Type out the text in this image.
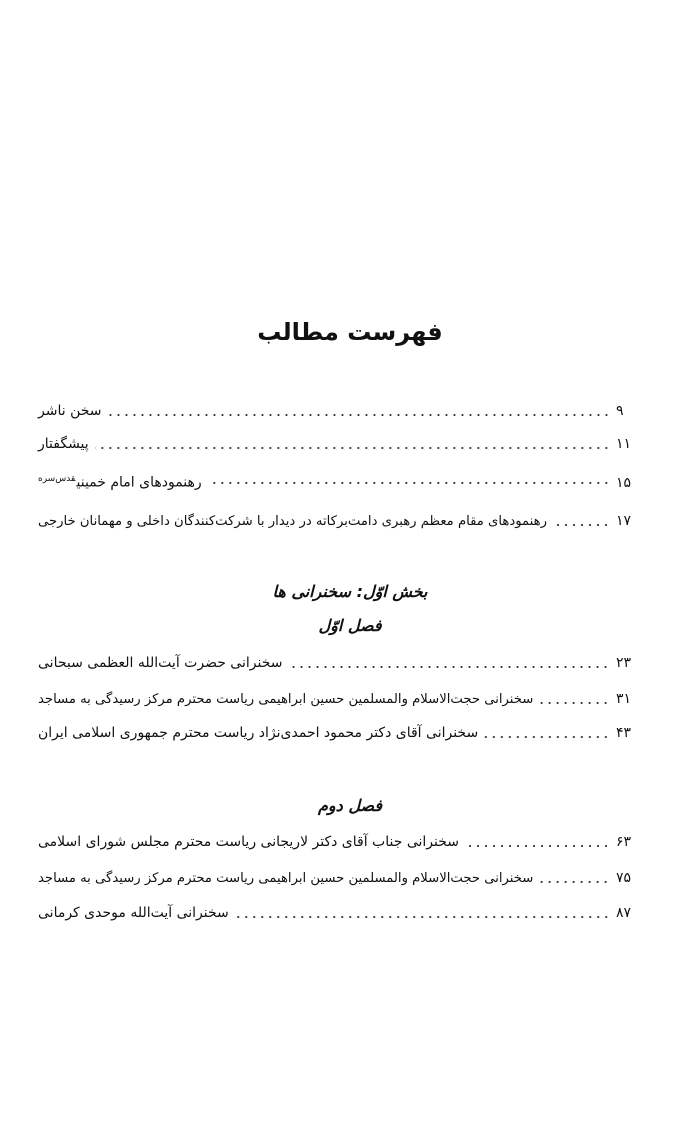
فهرست مطالب
سخن ناشر	۹
پیشگفتار	۱۱
رهنمودهای امام خمینی$^{قدس‌سره}$	۱۵
رهنمودهای مقام معظم رهبری دامت‌برکاته در دیدار با شرکت‌کنندگان داخلی و مهمانان خارجی	۱۷
بخش اوّل: سخنرانی ها
فصل اوّل
سخنرانی حضرت آیت‌الله العظمی سبحانی	۲۳
سخنرانی حجت‌الاسلام والمسلمین حسین ابراهیمی ریاست محترم مرکز رسیدگی به مساجد	۳۱
سخنرانی آقای دکتر محمود احمدی‌نژاد ریاست محترم جمهوری اسلامی ایران	۴۳
فصل دوم
سخنرانی جناب آقای دکتر لاریجانی ریاست محترم مجلس شورای اسلامی	۶۳
سخنرانی حجت‌الاسلام والمسلمین حسین ابراهیمی ریاست محترم مرکز رسیدگی به مساجد	۷۵
سخنرانی آیت‌الله موحدی کرمانی	۸۷
